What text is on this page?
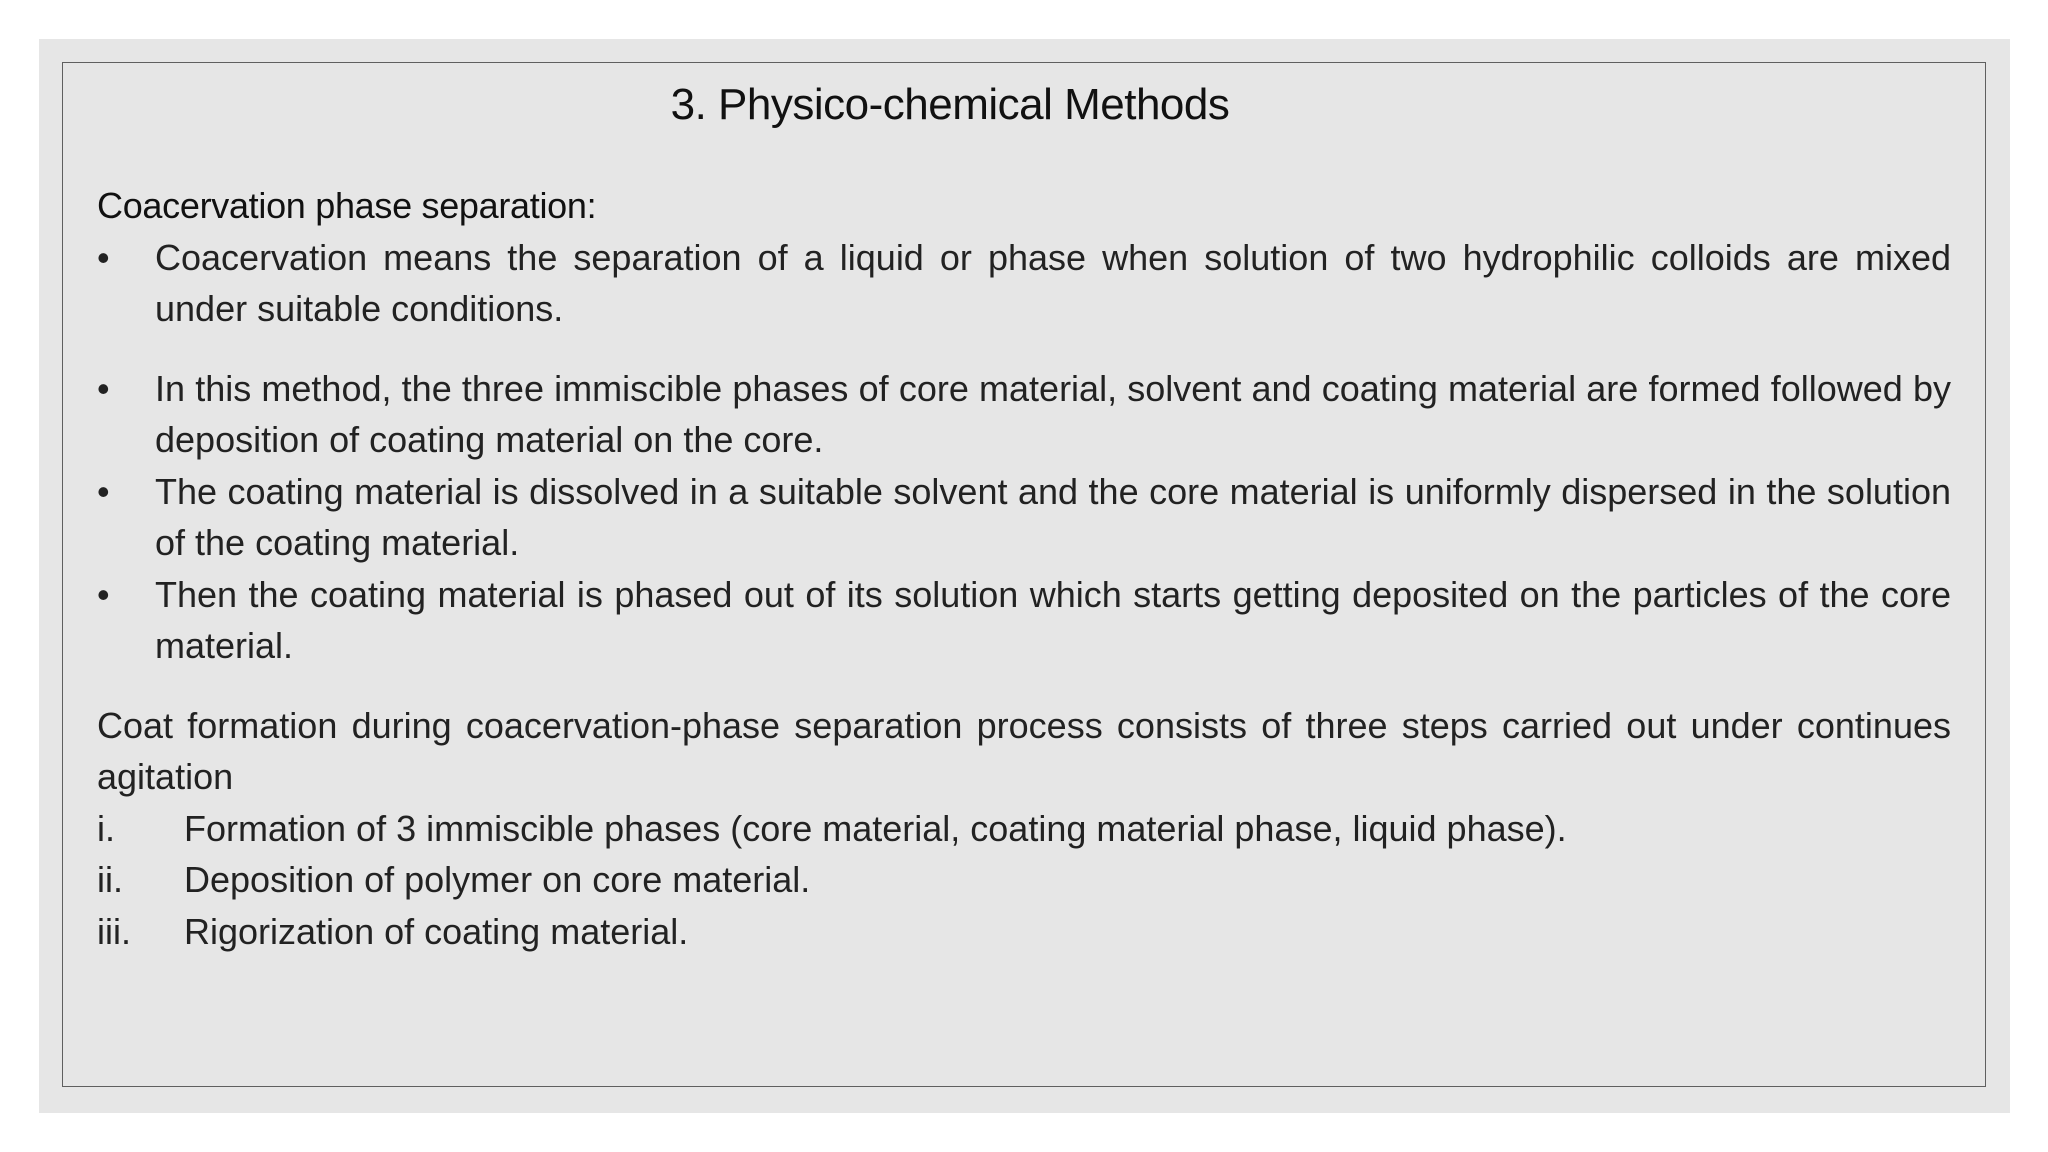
3. Physico-chemical Methods
Coacervation phase separation:
•	Coacervation means the separation of a liquid or phase when solution of two hydrophilic colloids are mixed under suitable conditions.
•	In this method, the three immiscible phases of core material, solvent and coating material are formed followed by deposition of coating material on the core.
•	The coating material is dissolved in a suitable solvent and the core material is uniformly dispersed in the solution of the coating material.
•	Then the coating material is phased out of its solution which starts getting deposited on the particles of the core material.
Coat formation during coacervation-phase separation process consists of three steps carried out under continues agitation
i. Formation of 3 immiscible phases (core material, coating material phase, liquid phase).
ii. Deposition of polymer on core material.
iii. Rigorization of coating material.
